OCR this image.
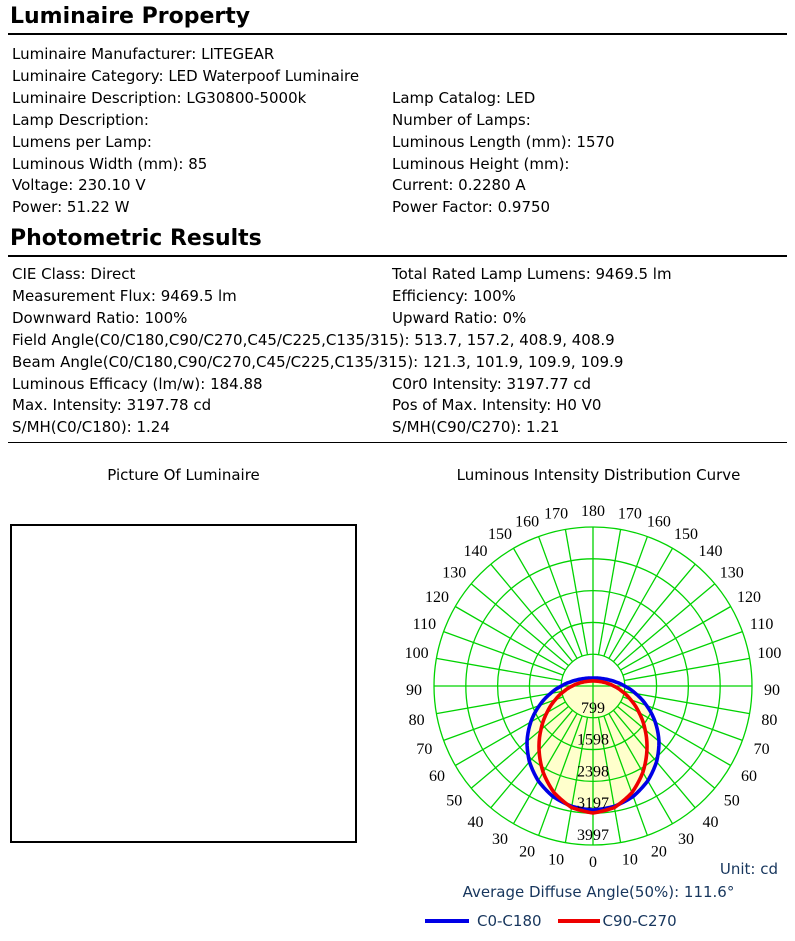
Luminaire Property
Luminaire Manufacturer: LITEGEAR
Luminaire Category: LED Waterpoof Luminaire
Luminaire Description: LG30800-5000k	Lamp Catalog: LED
Lamp Description:	Number of Lamps:
Lumens per Lamp:	Luminous Length (mm): 1570
Luminous Width (mm): 85	Luminous Height (mm):
Voltage: 230.10 V	Current: 0.2280 A
Power: 51.22 W	Power Factor: 0.9750
Photometric Results
CIE Class: Direct	Total Rated Lamp Lumens: 9469.5 lm
Measurement Flux: 9469.5 lm	Efficiency: 100%
Downward Ratio: 100%	Upward Ratio: 0%
Field Angle(C0/C180,C90/C270,C45/C225,C135/315): 513.7, 157.2, 408.9, 408.9
Beam Angle(C0/C180,C90/C270,C45/C225,C135/315): 121.3, 101.9, 109.9, 109.9
Luminous Efficacy (lm/w): 184.88	C0r0 Intensity: 3197.77 cd
Max. Intensity: 3197.78 cd	Pos of Max. Intensity: H0 V0
S/MH(C0/C180): 1.24	S/MH(C90/C270): 1.21
Picture Of Luminaire	Luminous Intensity Distribution Curve
799
1598
2398
3197
3997
0
10	10
20	20
30	30
40	40
50	50
60	60
70	70
80	80
90	90
100	100
110	110
120	120
130	130
140	140
150	150
160	160
170	170
180
Unit: cd
Average Diffuse Angle(50%): 111.6°
C0-C180	C90-C270
